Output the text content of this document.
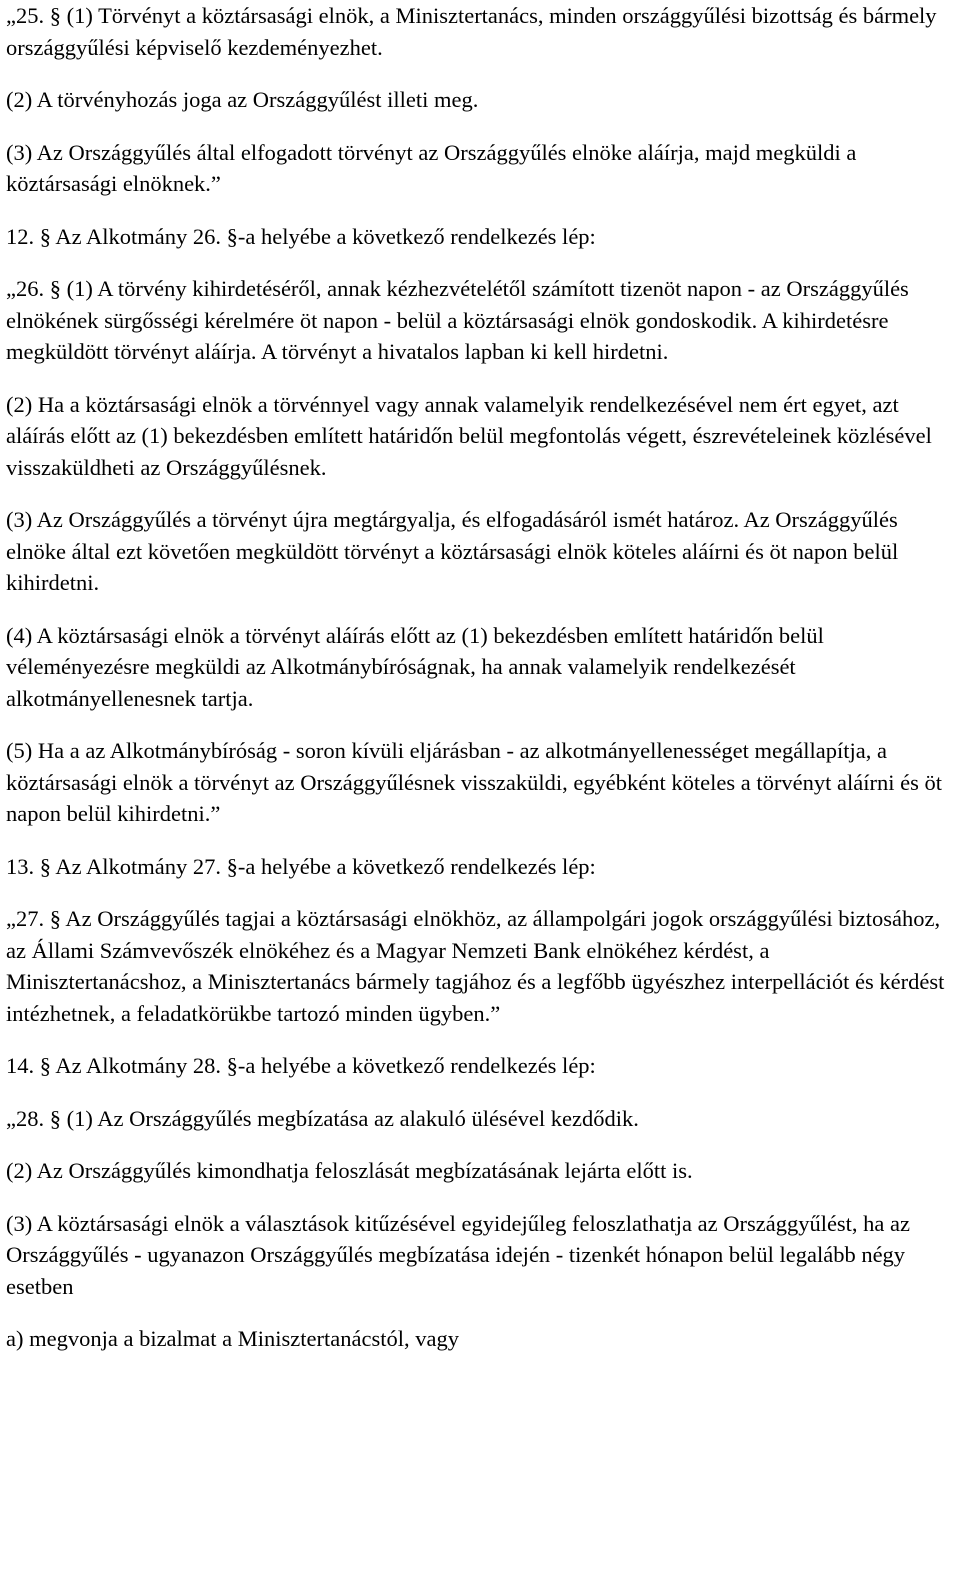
„25. § (1) Törvényt a köztársasági elnök, a Minisztertanács, minden országgyűlési bizottság és bármely országgyűlési képviselő kezdeményezhet.

(2) A törvényhozás joga az Országgyűlést illeti meg.

(3) Az Országgyűlés által elfogadott törvényt az Országgyűlés elnöke aláírja, majd megküldi a köztársasági elnöknek.”

12. § Az Alkotmány 26. §-a helyébe a következő rendelkezés lép:

„26. § (1) A törvény kihirdetéséről, annak kézhezvételétől számított tizenöt napon - az Országgyűlés elnökének sürgősségi kérelmére öt napon - belül a köztársasági elnök gondoskodik. A kihirdetésre megküldött törvényt aláírja. A törvényt a hivatalos lapban ki kell hirdetni.

(2) Ha a köztársasági elnök a törvénnyel vagy annak valamelyik rendelkezésével nem ért egyet, azt aláírás előtt az (1) bekezdésben említett határidőn belül megfontolás végett, észrevételeinek közlésével visszaküldheti az Országgyűlésnek.

(3) Az Országgyűlés a törvényt újra megtárgyalja, és elfogadásáról ismét határoz. Az Országgyűlés elnöke által ezt követően megküldött törvényt a köztársasági elnök köteles aláírni és öt napon belül kihirdetni.

(4) A köztársasági elnök a törvényt aláírás előtt az (1) bekezdésben említett határidőn belül véleményezésre megküldi az Alkotmánybíróságnak, ha annak valamelyik rendelkezését alkotmányellenesnek tartja.

(5) Ha a az Alkotmánybíróság - soron kívüli eljárásban - az alkotmányellenességet megállapítja, a köztársasági elnök a törvényt az Országgyűlésnek visszaküldi, egyébként köteles a törvényt aláírni és öt napon belül kihirdetni.”

13. § Az Alkotmány 27. §-a helyébe a következő rendelkezés lép:

„27. § Az Országgyűlés tagjai a köztársasági elnökhöz, az állampolgári jogok országgyűlési biztosához, az Állami Számvevőszék elnökéhez és a Magyar Nemzeti Bank elnökéhez kérdést, a Minisztertanácshoz, a Minisztertanács bármely tagjához és a legfőbb ügyészhez interpellációt és kérdést intézhetnek, a feladatkörükbe tartozó minden ügyben.”

14. § Az Alkotmány 28. §-a helyébe a következő rendelkezés lép:

„28. § (1) Az Országgyűlés megbízatása az alakuló ülésével kezdődik.

(2) Az Országgyűlés kimondhatja feloszlását megbízatásának lejárta előtt is.

(3) A köztársasági elnök a választások kitűzésével egyidejűleg feloszlathatja az Országgyűlést, ha az Országgyűlés - ugyanazon Országgyűlés megbízatása idején - tizenkét hónapon belül legalább négy esetben

a) megvonja a bizalmat a Minisztertanácstól, vagy
